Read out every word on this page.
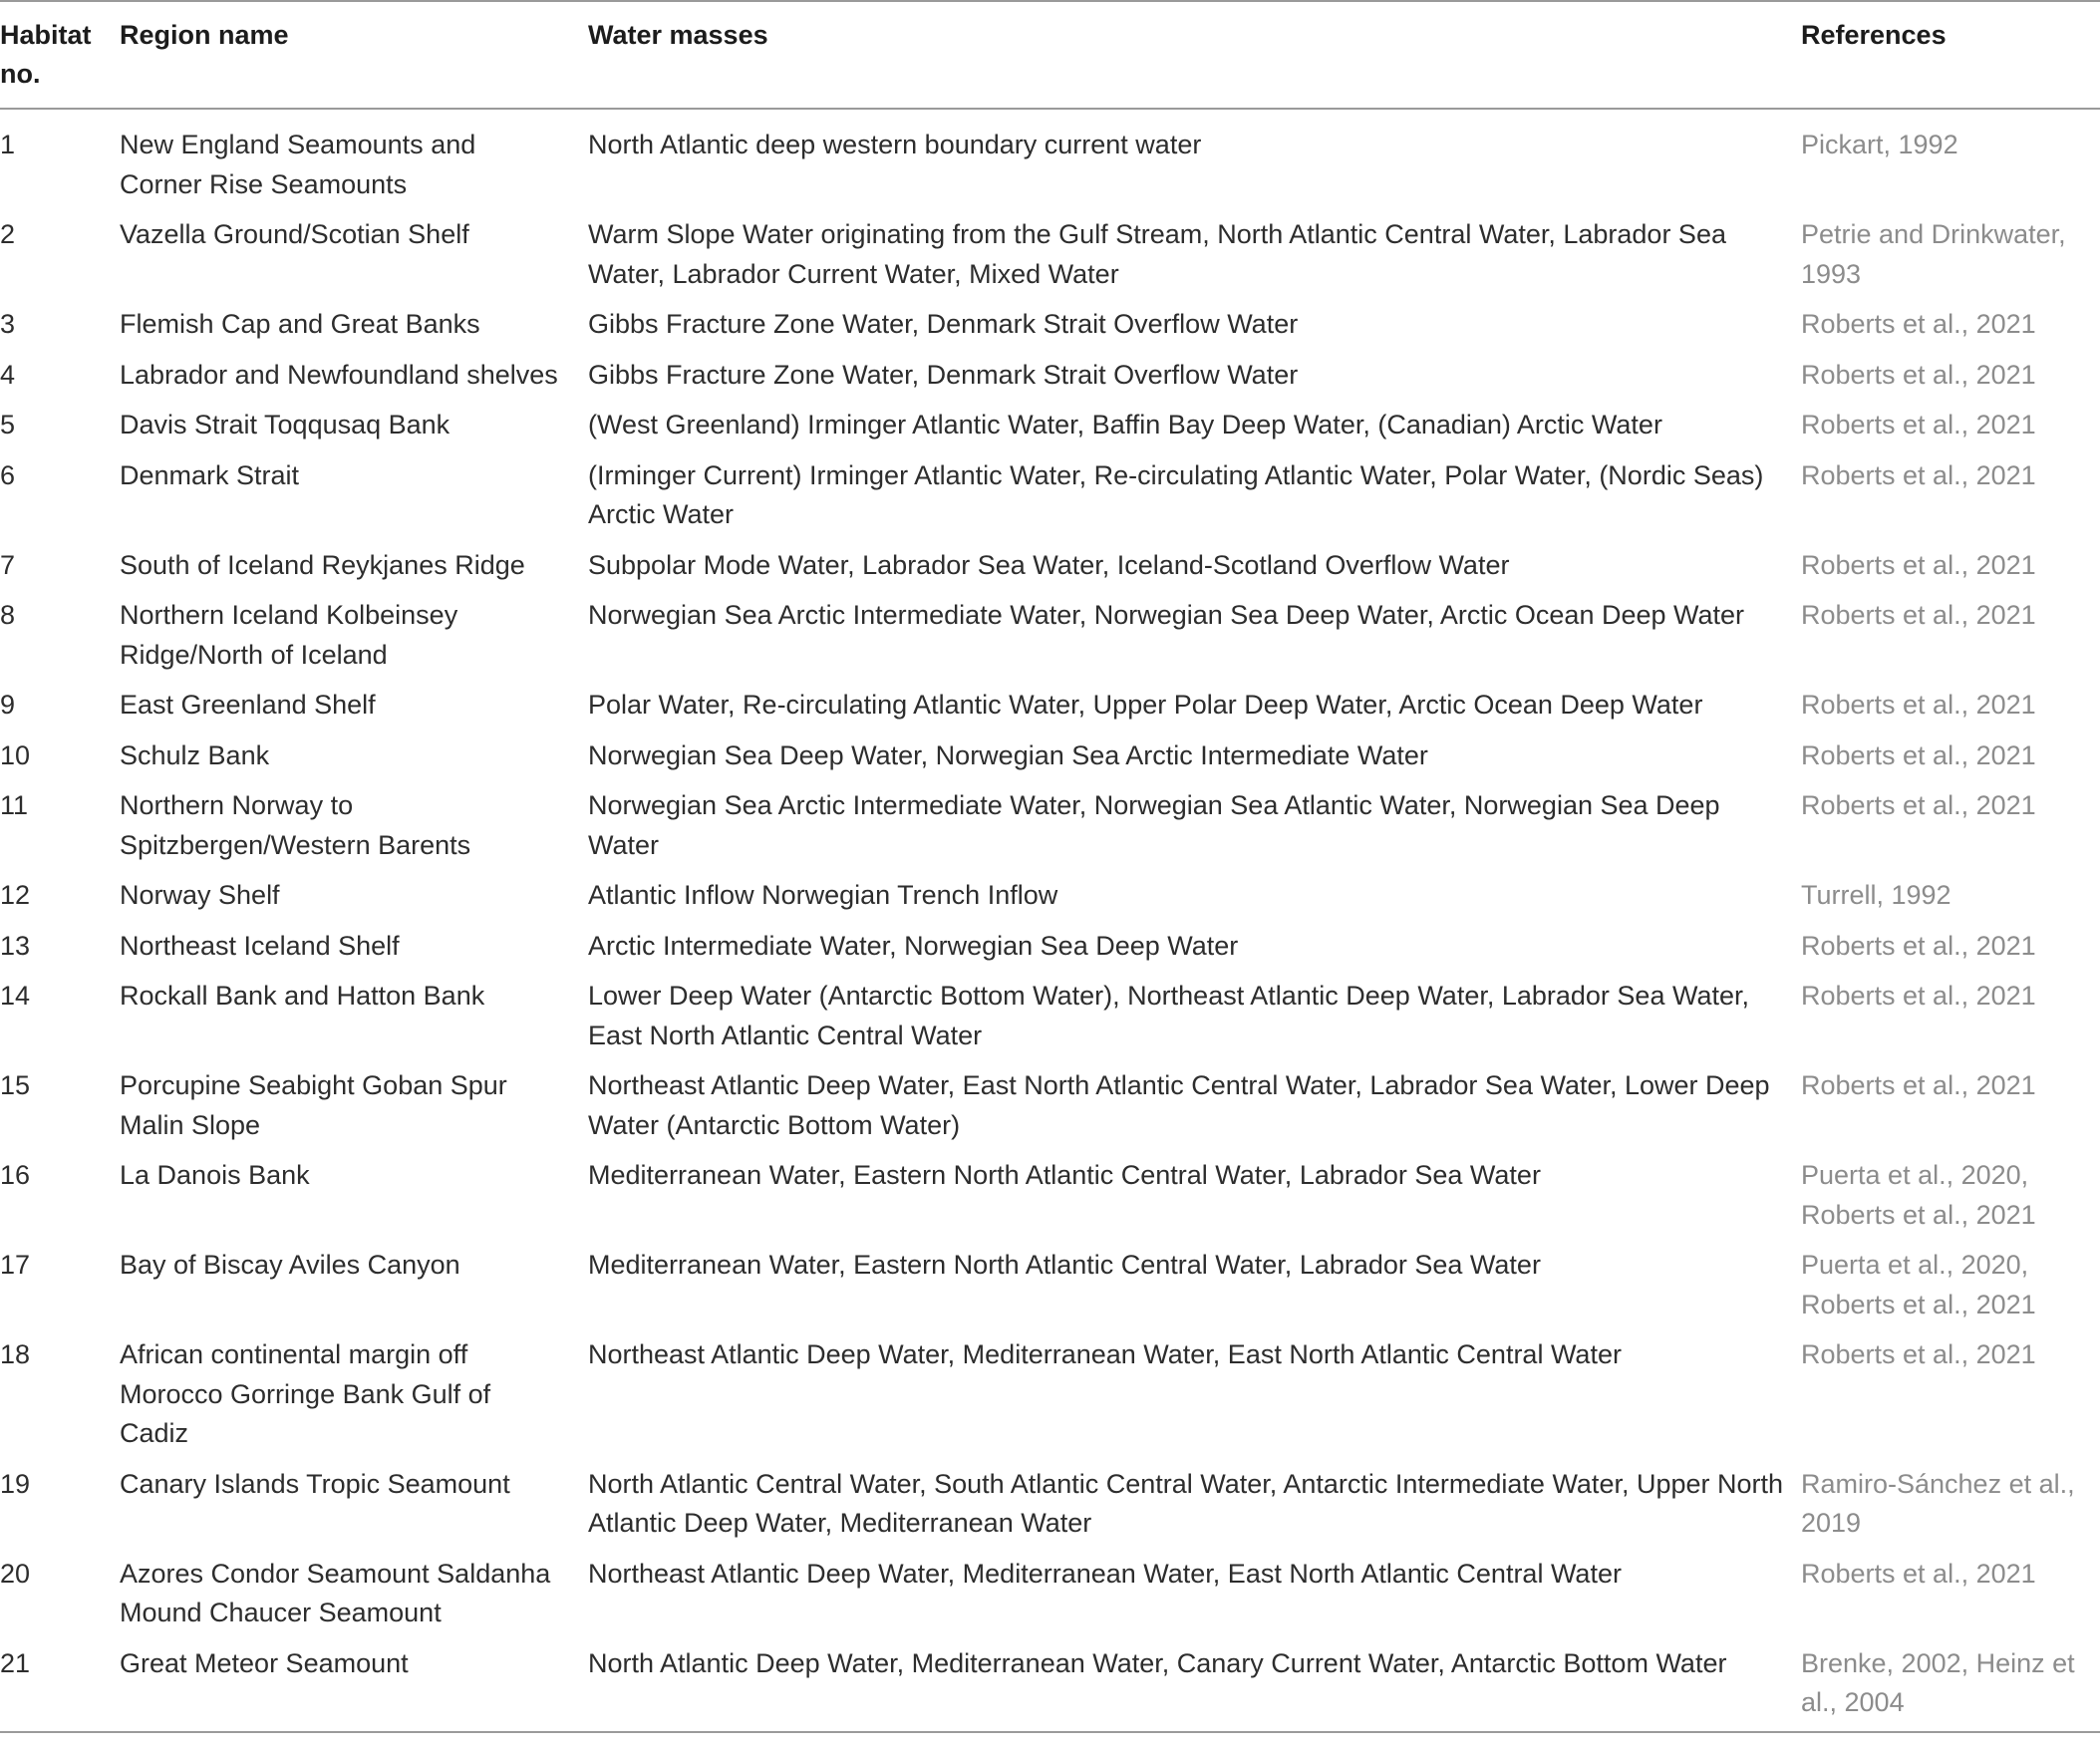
Habitat no.	Region name	Water masses	References
1	New England Seamounts and Corner Rise Seamounts	North Atlantic deep western boundary current water	Pickart, 1992
2	Vazella Ground/Scotian Shelf	Warm Slope Water originating from the Gulf Stream, North Atlantic Central Water, Labrador Sea Water, Labrador Current Water, Mixed Water	Petrie and Drinkwater, 1993
3	Flemish Cap and Great Banks	Gibbs Fracture Zone Water, Denmark Strait Overflow Water	Roberts et al., 2021
4	Labrador and Newfoundland shelves	Gibbs Fracture Zone Water, Denmark Strait Overflow Water	Roberts et al., 2021
5	Davis Strait Toqqusaq Bank	(West Greenland) Irminger Atlantic Water, Baffin Bay Deep Water, (Canadian) Arctic Water	Roberts et al., 2021
6	Denmark Strait	(Irminger Current) Irminger Atlantic Water, Re-circulating Atlantic Water, Polar Water, (Nordic Seas) Arctic Water	Roberts et al., 2021
7	South of Iceland Reykjanes Ridge	Subpolar Mode Water, Labrador Sea Water, Iceland-Scotland Overflow Water	Roberts et al., 2021
8	Northern Iceland Kolbeinsey Ridge/North of Iceland	Norwegian Sea Arctic Intermediate Water, Norwegian Sea Deep Water, Arctic Ocean Deep Water	Roberts et al., 2021
9	East Greenland Shelf	Polar Water, Re-circulating Atlantic Water, Upper Polar Deep Water, Arctic Ocean Deep Water	Roberts et al., 2021
10	Schulz Bank	Norwegian Sea Deep Water, Norwegian Sea Arctic Intermediate Water	Roberts et al., 2021
11	Northern Norway to Spitzbergen/Western Barents	Norwegian Sea Arctic Intermediate Water, Norwegian Sea Atlantic Water, Norwegian Sea Deep Water	Roberts et al., 2021
12	Norway Shelf	Atlantic Inflow Norwegian Trench Inflow	Turrell, 1992
13	Northeast Iceland Shelf	Arctic Intermediate Water, Norwegian Sea Deep Water	Roberts et al., 2021
14	Rockall Bank and Hatton Bank	Lower Deep Water (Antarctic Bottom Water), Northeast Atlantic Deep Water, Labrador Sea Water, East North Atlantic Central Water	Roberts et al., 2021
15	Porcupine Seabight Goban Spur Malin Slope	Northeast Atlantic Deep Water, East North Atlantic Central Water, Labrador Sea Water, Lower Deep Water (Antarctic Bottom Water)	Roberts et al., 2021
16	La Danois Bank	Mediterranean Water, Eastern North Atlantic Central Water, Labrador Sea Water	Puerta et al., 2020, Roberts et al., 2021
17	Bay of Biscay Aviles Canyon	Mediterranean Water, Eastern North Atlantic Central Water, Labrador Sea Water	Puerta et al., 2020, Roberts et al., 2021
18	African continental margin off Morocco Gorringe Bank Gulf of Cadiz	Northeast Atlantic Deep Water, Mediterranean Water, East North Atlantic Central Water	Roberts et al., 2021
19	Canary Islands Tropic Seamount	North Atlantic Central Water, South Atlantic Central Water, Antarctic Intermediate Water, Upper North Atlantic Deep Water, Mediterranean Water	Ramiro-Sánchez et al., 2019
20	Azores Condor Seamount Saldanha Mound Chaucer Seamount	Northeast Atlantic Deep Water, Mediterranean Water, East North Atlantic Central Water	Roberts et al., 2021
21	Great Meteor Seamount	North Atlantic Deep Water, Mediterranean Water, Canary Current Water, Antarctic Bottom Water	Brenke, 2002, Heinz et al., 2004
